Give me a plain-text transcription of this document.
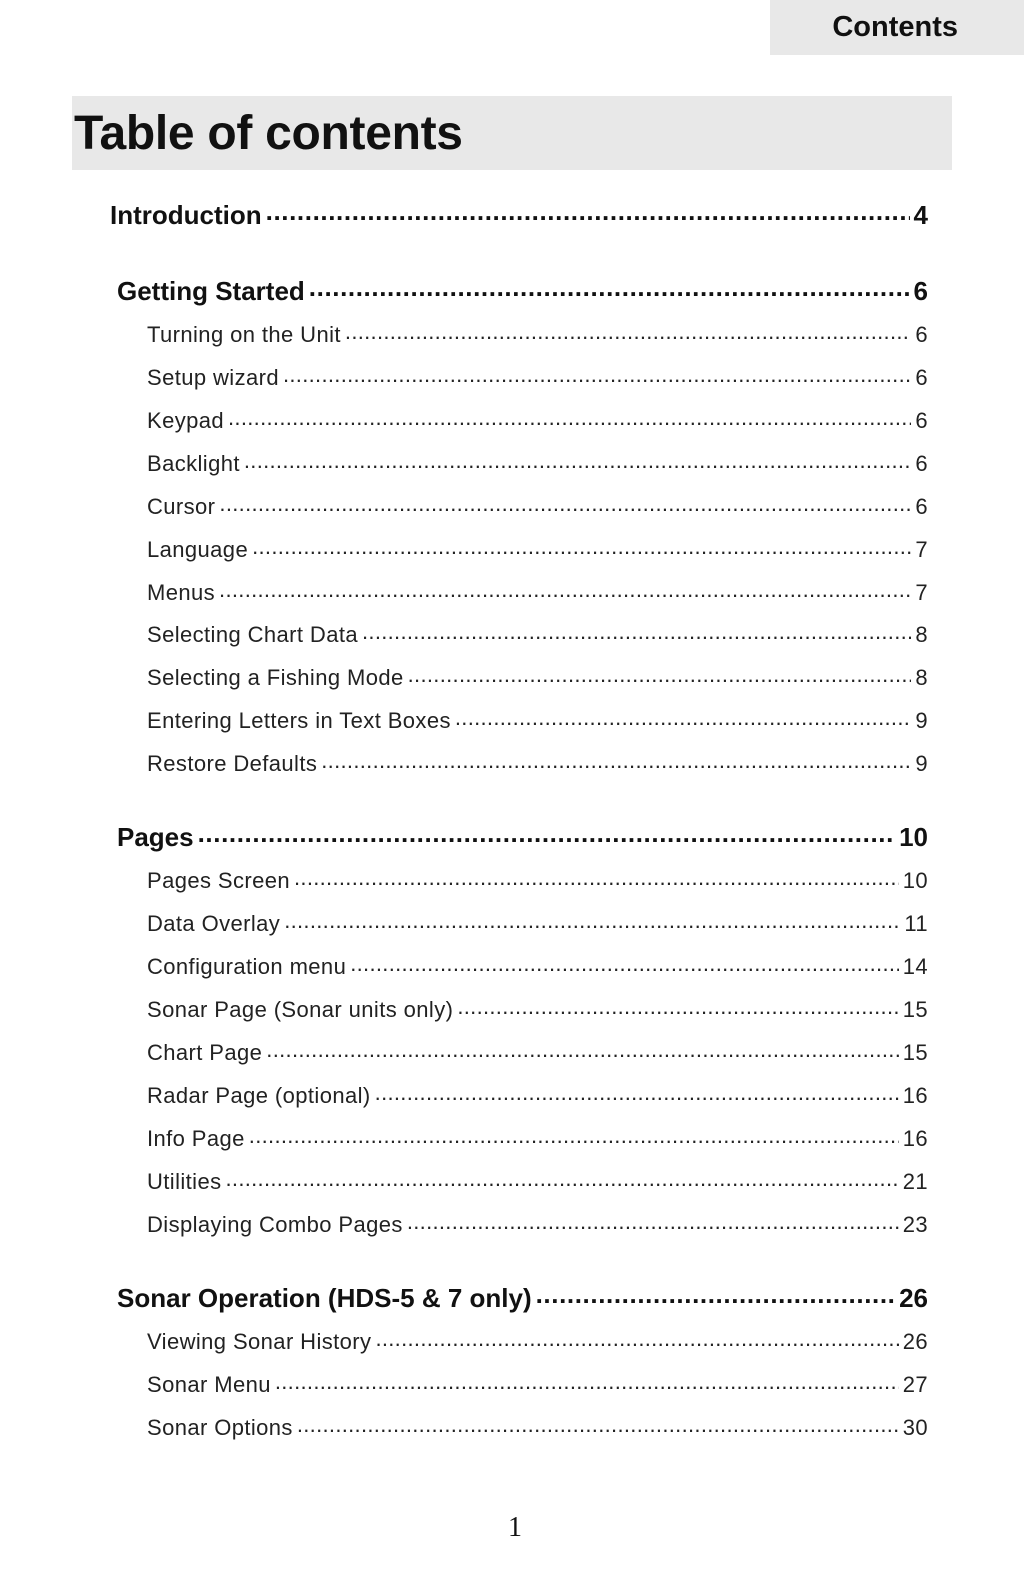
Contents
Table of contents
Introduction .....	4
Getting Started .....	6
Turning on the Unit .....	6
Setup wizard .....	6
Keypad .....	6
Backlight .....	6
Cursor .....	6
Language .....	7
Menus .....	7
Selecting Chart Data .....	8
Selecting a Fishing Mode .....	8
Entering Letters in Text Boxes .....	9
Restore Defaults .....	9
Pages .....	10
Pages Screen .....	10
Data Overlay .....	11
Configuration menu .....	14
Sonar Page (Sonar units only) .....	15
Chart Page .....	15
Radar Page (optional) .....	16
Info Page .....	16
Utilities .....	21
Displaying Combo Pages .....	23
Sonar Operation (HDS-5 & 7 only) .....	26
Viewing Sonar History .....	26
Sonar Menu .....	27
Sonar Options .....	30
1
